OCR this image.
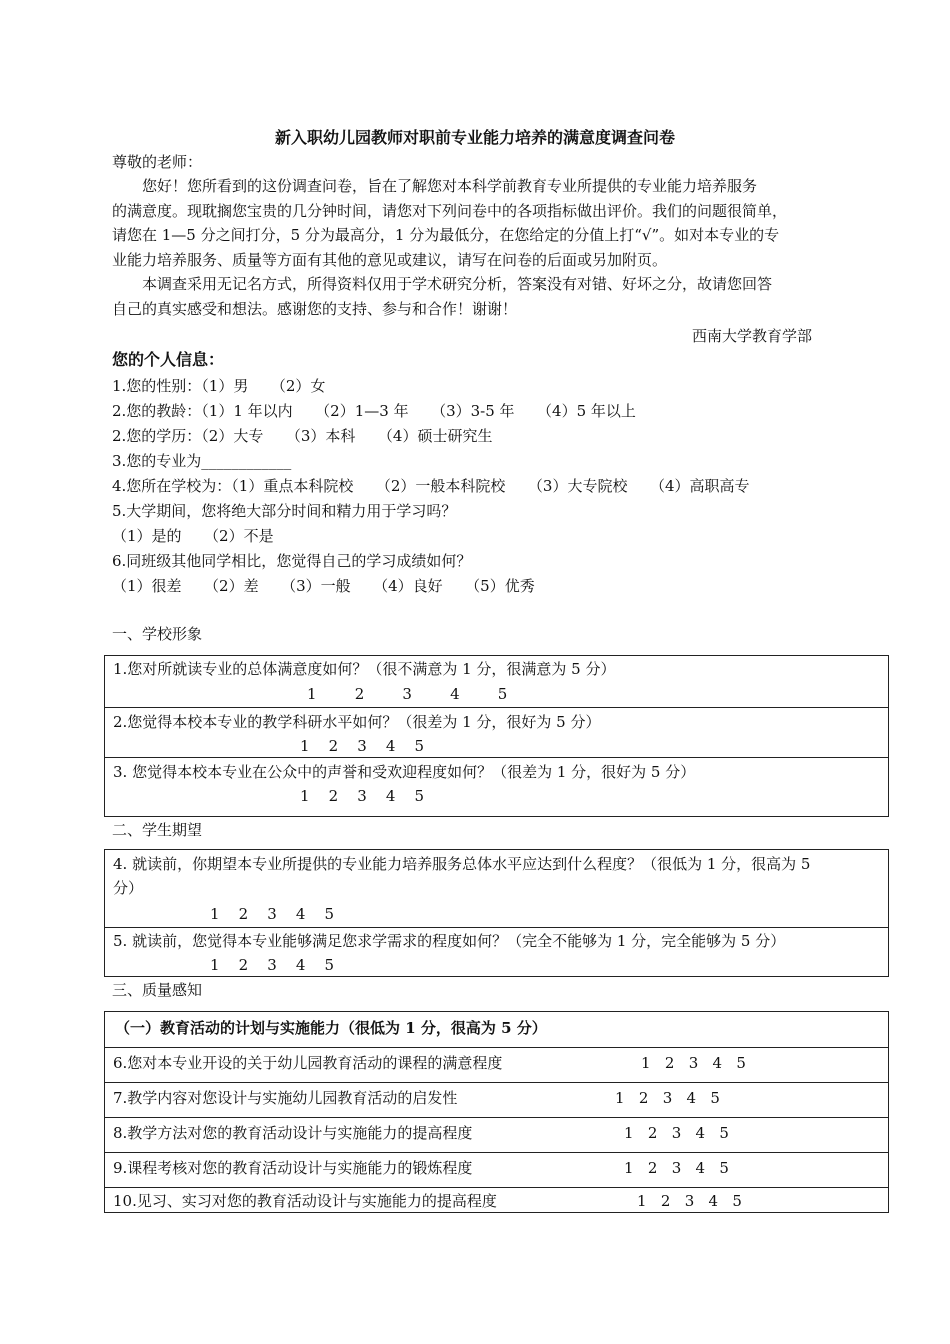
新入职幼儿园教师对职前专业能力培养的满意度调查问卷
尊敬的老师：
　　您好！您所看到的这份调查问卷，旨在了解您对本科学前教育专业所提供的专业能力培养服务
的满意度。现耽搁您宝贵的几分钟时间，请您对下列问卷中的各项指标做出评价。我们的问题很简单，
请您在 1—5 分之间打分，5 分为最高分，1 分为最低分，在您给定的分值上打“√”。如对本专业的专
业能力培养服务、质量等方面有其他的意见或建议，请写在问卷的后面或另加附页。
　　本调查采用无记名方式，所得资料仅用于学术研究分析，答案没有对错、好坏之分，故请您回答
自己的真实感受和想法。感谢您的支持、参与和合作！谢谢！
西南大学教育学部
您的个人信息：
1.您的性别：（1）男　　（2）女
2.您的教龄：（1）1 年以内　　（2）1—3 年　　（3）3-5 年　　（4）5 年以上
2.您的学历：（2）大专　　（3）本科　　（4）硕士研究生
3.您的专业为____________
4.您所在学校为：（1）重点本科院校　　（2）一般本科院校　　（3）大专院校　　（4）高职高专
5.大学期间，您将绝大部分时间和精力用于学习吗？
（1）是的　　（2）不是
6.同班级其他同学相比，您觉得自己的学习成绩如何？
（1）很差　　（2）差　　（3）一般　　（4）良好　　（5）优秀
一、学校形象
1.您对所就读专业的总体满意度如何？（很不满意为 1 分，很满意为 5 分）
1        2        3        4        5
2.您觉得本校本专业的教学科研水平如何？（很差为 1 分，很好为 5 分）
1    2    3    4    5
3. 您觉得本校本专业在公众中的声誉和受欢迎程度如何？（很差为 1 分，很好为 5 分）
1    2    3    4    5
二、学生期望
4. 就读前，你期望本专业所提供的专业能力培养服务总体水平应达到什么程度？（很低为 1 分，很高为 5
分）
1    2    3    4    5
5. 就读前，您觉得本专业能够满足您求学需求的程度如何？（完全不能够为 1 分，完全能够为 5 分）
1    2    3    4    5
三、质量感知
（一）教育活动的计划与实施能力（很低为 1 分，很高为 5 分）
6.您对本专业开设的关于幼儿园教育活动的课程的满意程度	1   2   3   4   5
7.教学内容对您设计与实施幼儿园教育活动的启发性	1   2   3   4   5
8.教学方法对您的教育活动设计与实施能力的提高程度	1   2   3   4   5
9.课程考核对您的教育活动设计与实施能力的锻炼程度	1   2   3   4   5
10.见习、实习对您的教育活动设计与实施能力的提高程度	1   2   3   4   5
